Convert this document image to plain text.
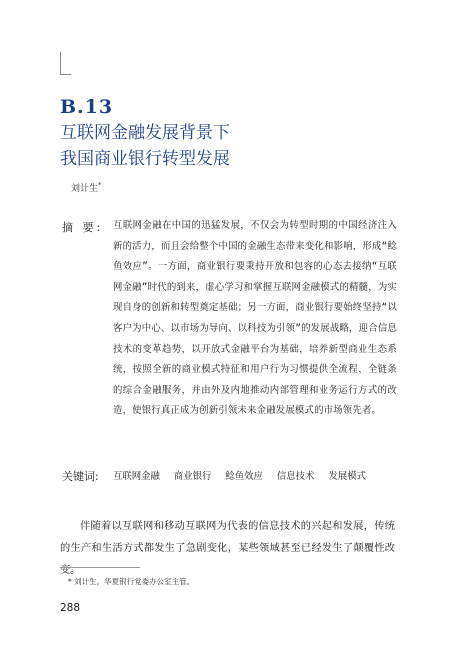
B.13
互联网金融发展背景下
我国商业银行转型发展
刘计生*
摘 要: 互联网金融在中国的迅猛发展，不仅会为转型时期的中国经济注入新的活力，而且会给整个中国的金融生态带来变化和影响，形成“鲶鱼效应”。一方面，商业银行要秉持开放和包容的心态去接纳“互联网金融”时代的到来，虚心学习和掌握互联网金融模式的精髓，为实现自身的创新和转型奠定基础；另一方面，商业银行要始终坚持“以客户为中心、以市场为导向、以科技为引领”的发展战略，迎合信息技术的变革趋势，以开放式金融平台为基础，培养新型商业生态系统，按照全新的商业模式特征和用户行为习惯提供全流程、全链条的综合金融服务，并由外及内地推动内部管理和业务运行方式的改造，使银行真正成为创新引领未来金融发展模式的市场领先者。
关键词: 互联网金融 商业银行 鲶鱼效应 信息技术 发展模式

伴随着以互联网和移动互联网为代表的信息技术的兴起和发展，传统的生产和生活方式都发生了急剧变化，某些领域甚至已经发生了颠覆性改变。

* 刘计生，华夏银行党委办公室主管。
288
